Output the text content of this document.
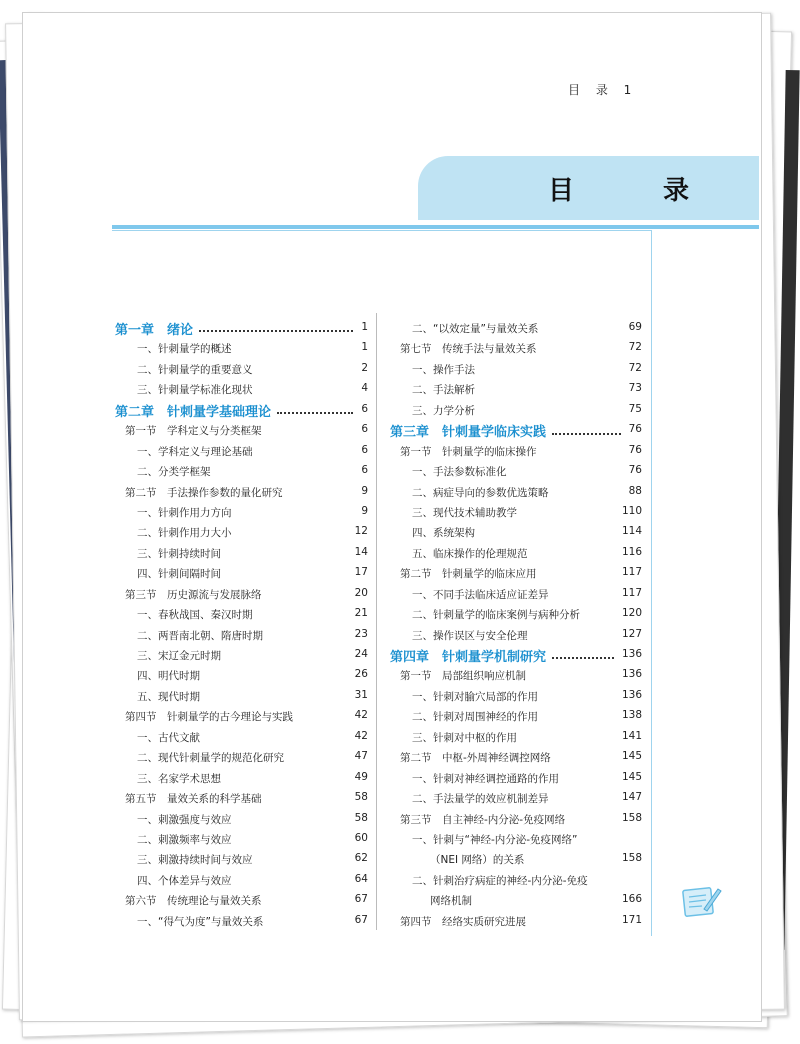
目 录 1
目 录
第一章　绪论	1
一、针刺量学的概述	1
二、针刺量学的重要意义	2
三、针刺量学标准化现状	4
第二章　针刺量学基础理论	6
第一节　学科定义与分类框架	6
一、学科定义与理论基础	6
二、分类学框架	6
第二节　手法操作参数的量化研究	9
一、针刺作用力方向	9
二、针刺作用力大小	12
三、针刺持续时间	14
四、针刺间隔时间	17
第三节　历史源流与发展脉络	20
一、春秋战国、秦汉时期	21
二、两晋南北朝、隋唐时期	23
三、宋辽金元时期	24
四、明代时期	26
五、现代时期	31
第四节　针刺量学的古今理论与实践	42
一、古代文献	42
二、现代针刺量学的规范化研究	47
三、名家学术思想	49
第五节　量效关系的科学基础	58
一、刺激强度与效应	58
二、刺激频率与效应	60
三、刺激持续时间与效应	62
四、个体差异与效应	64
第六节　传统理论与量效关系	67
一、“得气为度”与量效关系	67
二、“以效定量”与量效关系	69
第七节　传统手法与量效关系	72
一、操作手法	72
二、手法解析	73
三、力学分析	75
第三章　针刺量学临床实践	76
第一节　针刺量学的临床操作	76
一、手法参数标准化	76
二、病症导向的参数优选策略	88
三、现代技术辅助教学	110
四、系统架构	114
五、临床操作的伦理规范	116
第二节　针刺量学的临床应用	117
一、不同手法临床适应证差异	117
二、针刺量学的临床案例与病种分析	120
三、操作误区与安全伦理	127
第四章　针刺量学机制研究	136
第一节　局部组织响应机制	136
一、针刺对腧穴局部的作用	136
二、针刺对周围神经的作用	138
三、针刺对中枢的作用	141
第二节　中枢-外周神经调控网络	145
一、针刺对神经调控通路的作用	145
二、手法量学的效应机制差异	147
第三节　自主神经-内分泌-免疫网络	158
一、针刺与“神经-内分泌-免疫网络”
（NEI 网络）的关系	158
二、针刺治疗病症的神经-内分泌-免疫
网络机制	166
第四节　经络实质研究进展	171
